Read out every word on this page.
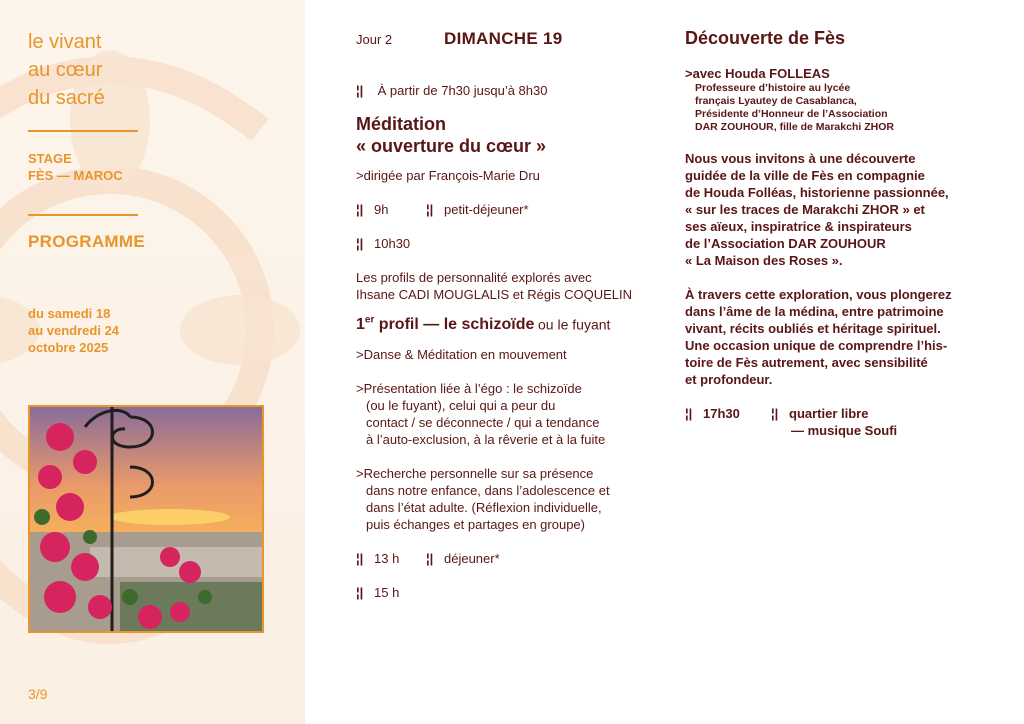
le vivant
au cœur
du sacré
STAGE
FÈS — MAROC
PROGRAMME
du samedi 18
au vendredi 24
octobre 2025
3/9
Jour 2	DIMANCHE 19
¦| À partir de 7h30 jusqu’à 8h30
Méditation
« ouverture du cœur »

>dirigée par François-Marie Dru

¦| 9h	¦| petit-déjeuner*
¦| 10h30
Les profils de personnalité explorés avec
Ihsane CADI MOUGLALIS et Régis COQUELIN
1er profil — le schizoïde ou le fuyant

>Danse & Méditation en mouvement

>Présentation liée à l’égo : le schizoïde
(ou le fuyant), celui qui a peur du
contact / se déconnecte / qui a tendance
à l’auto-exclusion, à la rêverie et à la fuite
>Recherche personnelle sur sa présence
dans notre enfance, dans l’adolescence et
dans l’état adulte. (Réflexion individuelle,
puis échanges et partages en groupe)
¦| 13 h	¦| déjeuner*
¦| 15 h
Découverte de Fès
>avec Houda FOLLEAS
Professeure d’histoire au lycée
français Lyautey de Casablanca,
Présidente d’Honneur de l’Association
DAR ZOUHOUR, fille de Marakchi ZHOR
Nous vous invitons à une découverte
guidée de la ville de Fès en compagnie
de Houda Folléas, historienne passionnée,
« sur les traces de Marakchi ZHOR » et
ses aïeux, inspiratrice & inspirateurs
de l’Association DAR ZOUHOUR
« La Maison des Roses ».
À travers cette exploration, vous plongerez
dans l’âme de la médina, entre patrimoine
vivant, récits oubliés et héritage spirituel.
Une occasion unique de comprendre l’his-
toire de Fès autrement, avec sensibilité
et profondeur.
¦| 17h30	¦| quartier libre
— musique Soufi
